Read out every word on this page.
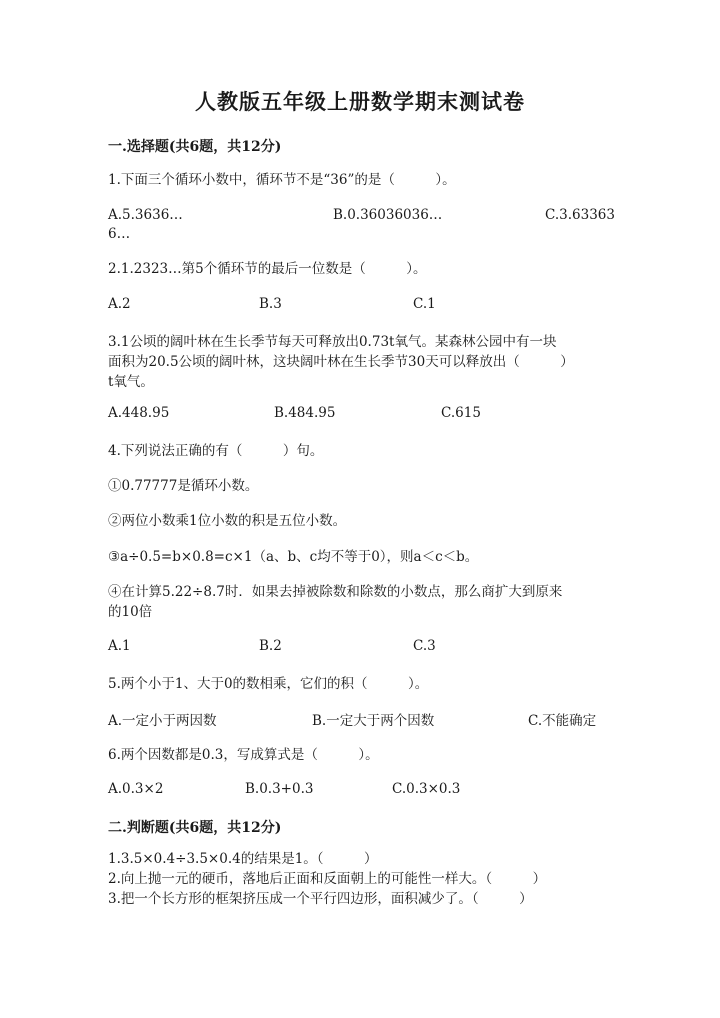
人教版五年级上册数学期末测试卷
一.选择题(共6题，共12分)
1.下面三个循环小数中，循环节不是“36”的是（　　　）。
A.5.3636…	B.0.36036036…	C.3.63363
6…
2.1.2323…第5个循环节的最后一位数是（　　　）。
A.2	B.3	C.1
3.1公顷的阔叶林在生长季节每天可释放出0.73t氧气。某森林公园中有一块
面积为20.5公顷的阔叶林，这块阔叶林在生长季节30天可以释放出（　　　）
t氧气。
A.448.95	B.484.95	C.615
4.下列说法正确的有（　　　）句。
①0.77777是循环小数。
②两位小数乘1位小数的积是五位小数。
③a÷0.5=b×0.8=c×1（a、b、c均不等于0），则a＜c＜b。
④在计算5.22÷8.7时．如果去掉被除数和除数的小数点，那么商扩大到原来
的10倍
A.1	B.2	C.3
5.两个小于1、大于0的数相乘，它们的积（　　　）。
A.一定小于两因数	B.一定大于两个因数	C.不能确定
6.两个因数都是0.3，写成算式是（　　　）。
A.0.3×2	B.0.3+0.3	C.0.3×0.3
二.判断题(共6题，共12分)
1.3.5×0.4÷3.5×0.4的结果是1。（　　　）
2.向上抛一元的硬币，落地后正面和反面朝上的可能性一样大。（　　　）
3.把一个长方形的框架挤压成一个平行四边形，面积减少了。（　　　）
